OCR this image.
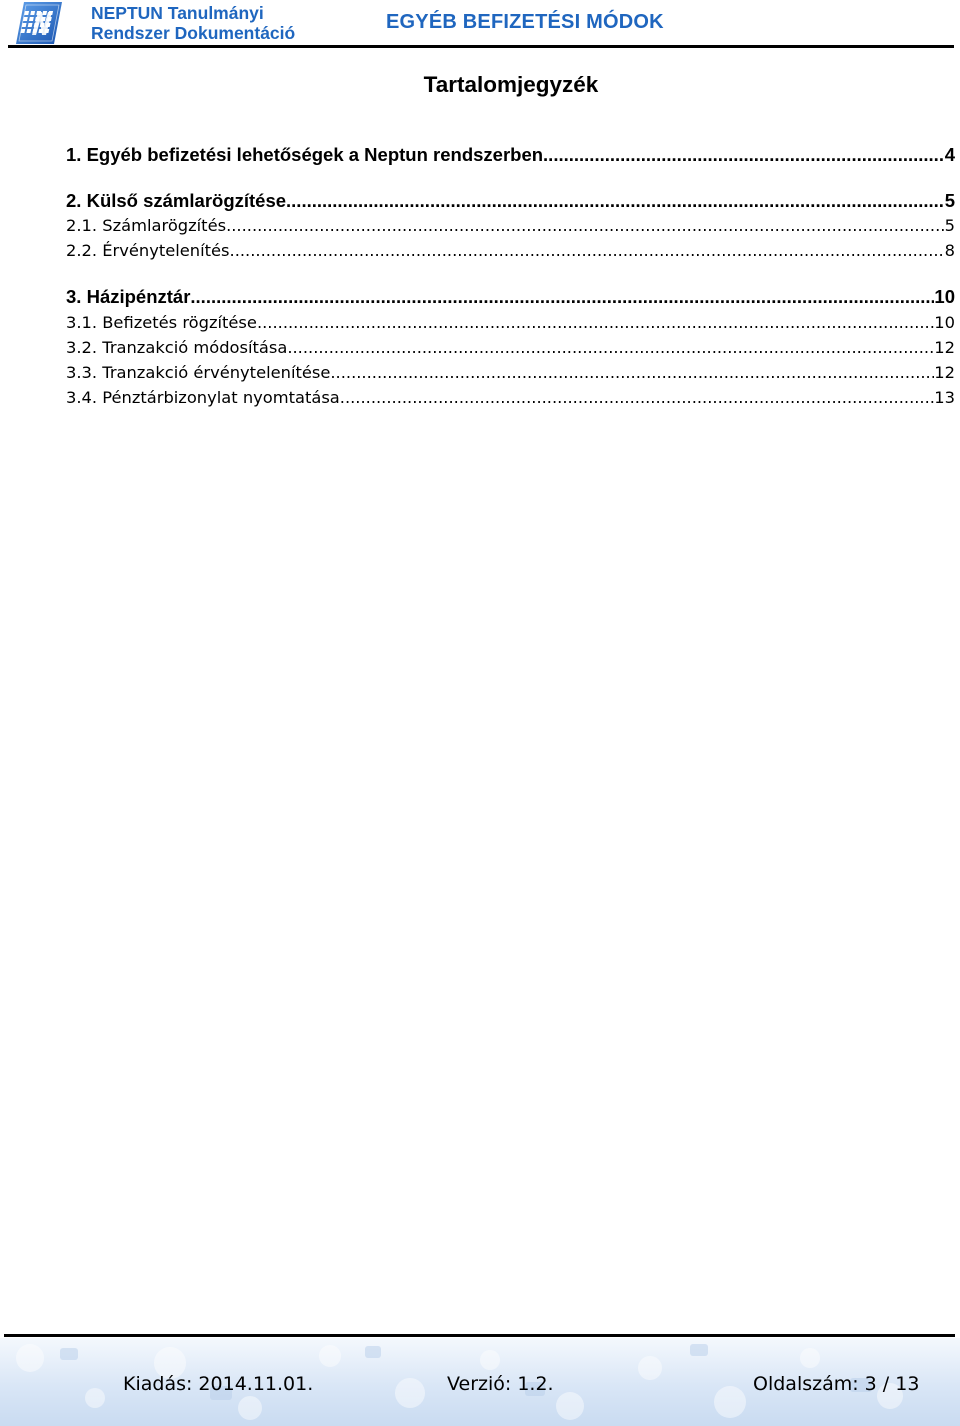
NEPTUN Tanulmányi
Rendszer Dokumentáció	EGYÉB BEFIZETÉSI MÓDOK
Tartalomjegyzék
1.
Egyéb befizetési lehetőségek a Neptun rendszerben .....	4
2.
Külső számlarögzítése .....	5
2.1.
Számlarögzítés .....	5
2.2.
Érvénytelenítés .....	8
3.
Házipénztár .....	10
3.1.
Befizetés rögzítése .....	10
3.2.
Tranzakció módosítása .....	12
3.3.
Tranzakció érvénytelenítése .....	12
3.4.
Pénztárbizonylat nyomtatása .....	13
Kiadás: 2014.11.01.	Verzió: 1.2.	Oldalszám: 3 / 13
